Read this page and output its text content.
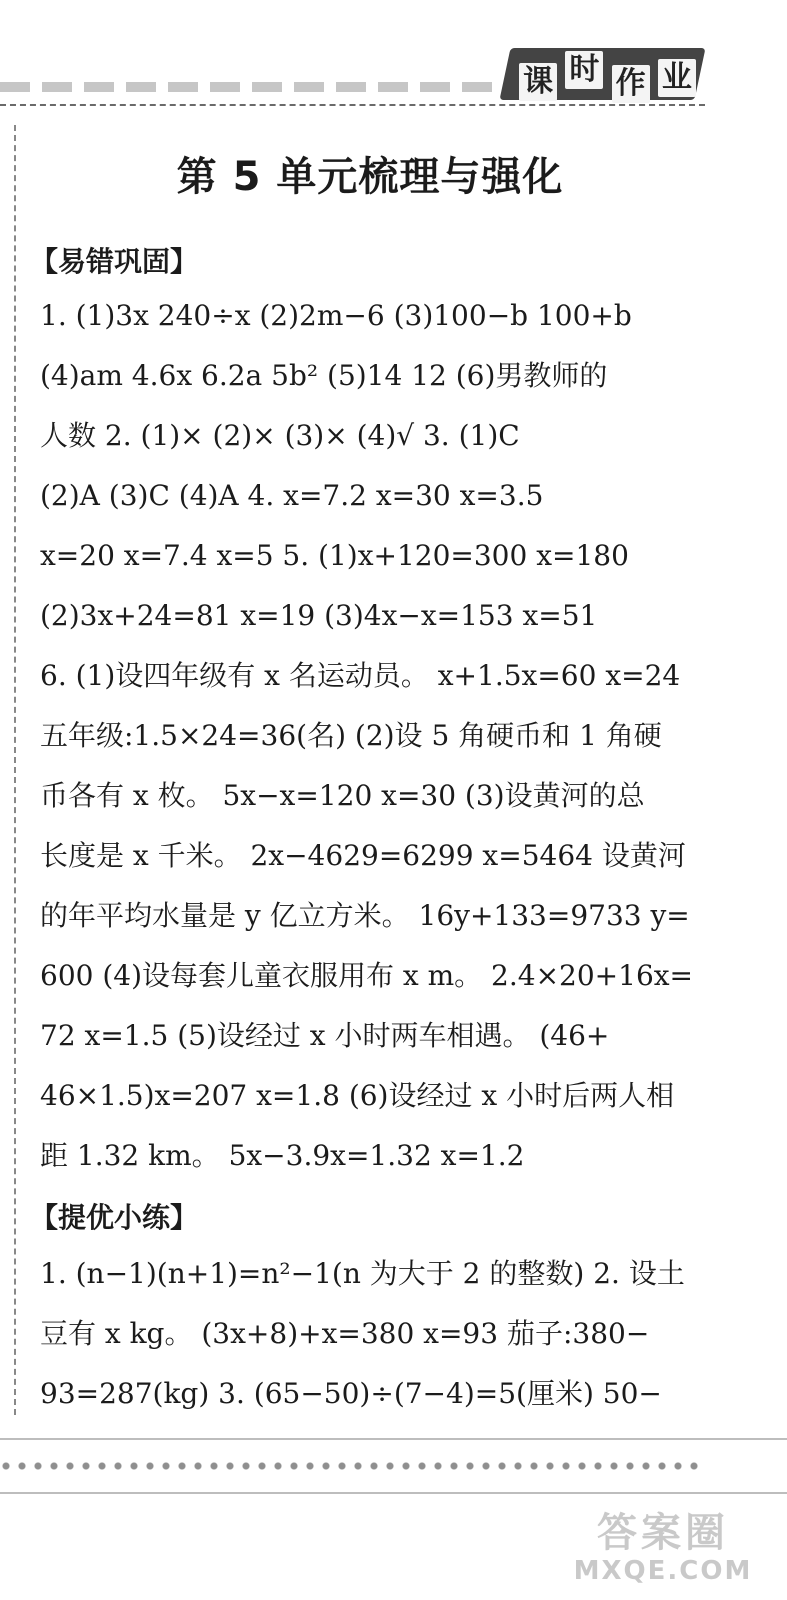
课 时 作 业
第 5 单元梳理与强化
【易错巩固】
1. (1)3x 240÷x (2)2m−6 (3)100−b 100+b
(4)am 4.6x 6.2a 5b² (5)14 12 (6)男教师的
人数 2. (1)× (2)× (3)× (4)√ 3. (1)C
(2)A (3)C (4)A 4. x=7.2 x=30 x=3.5
x=20 x=7.4 x=5 5. (1)x+120=300 x=180
(2)3x+24=81 x=19 (3)4x−x=153 x=51
6. (1)设四年级有 x 名运动员。 x+1.5x=60 x=24
五年级:1.5×24=36(名) (2)设 5 角硬币和 1 角硬
币各有 x 枚。 5x−x=120 x=30 (3)设黄河的总
长度是 x 千米。 2x−4629=6299 x=5464 设黄河
的年平均水量是 y 亿立方米。 16y+133=9733 y=
600 (4)设每套儿童衣服用布 x m。 2.4×20+16x=
72 x=1.5 (5)设经过 x 小时两车相遇。 (46+
46×1.5)x=207 x=1.8 (6)设经过 x 小时后两人相
距 1.32 km。 5x−3.9x=1.32 x=1.2
【提优小练】
1. (n−1)(n+1)=n²−1(n 为大于 2 的整数) 2. 设土
豆有 x kg。 (3x+8)+x=380 x=93 茄子:380−
93=287(kg) 3. (65−50)÷(7−4)=5(厘米) 50−
答案圈
MXQE.COM
